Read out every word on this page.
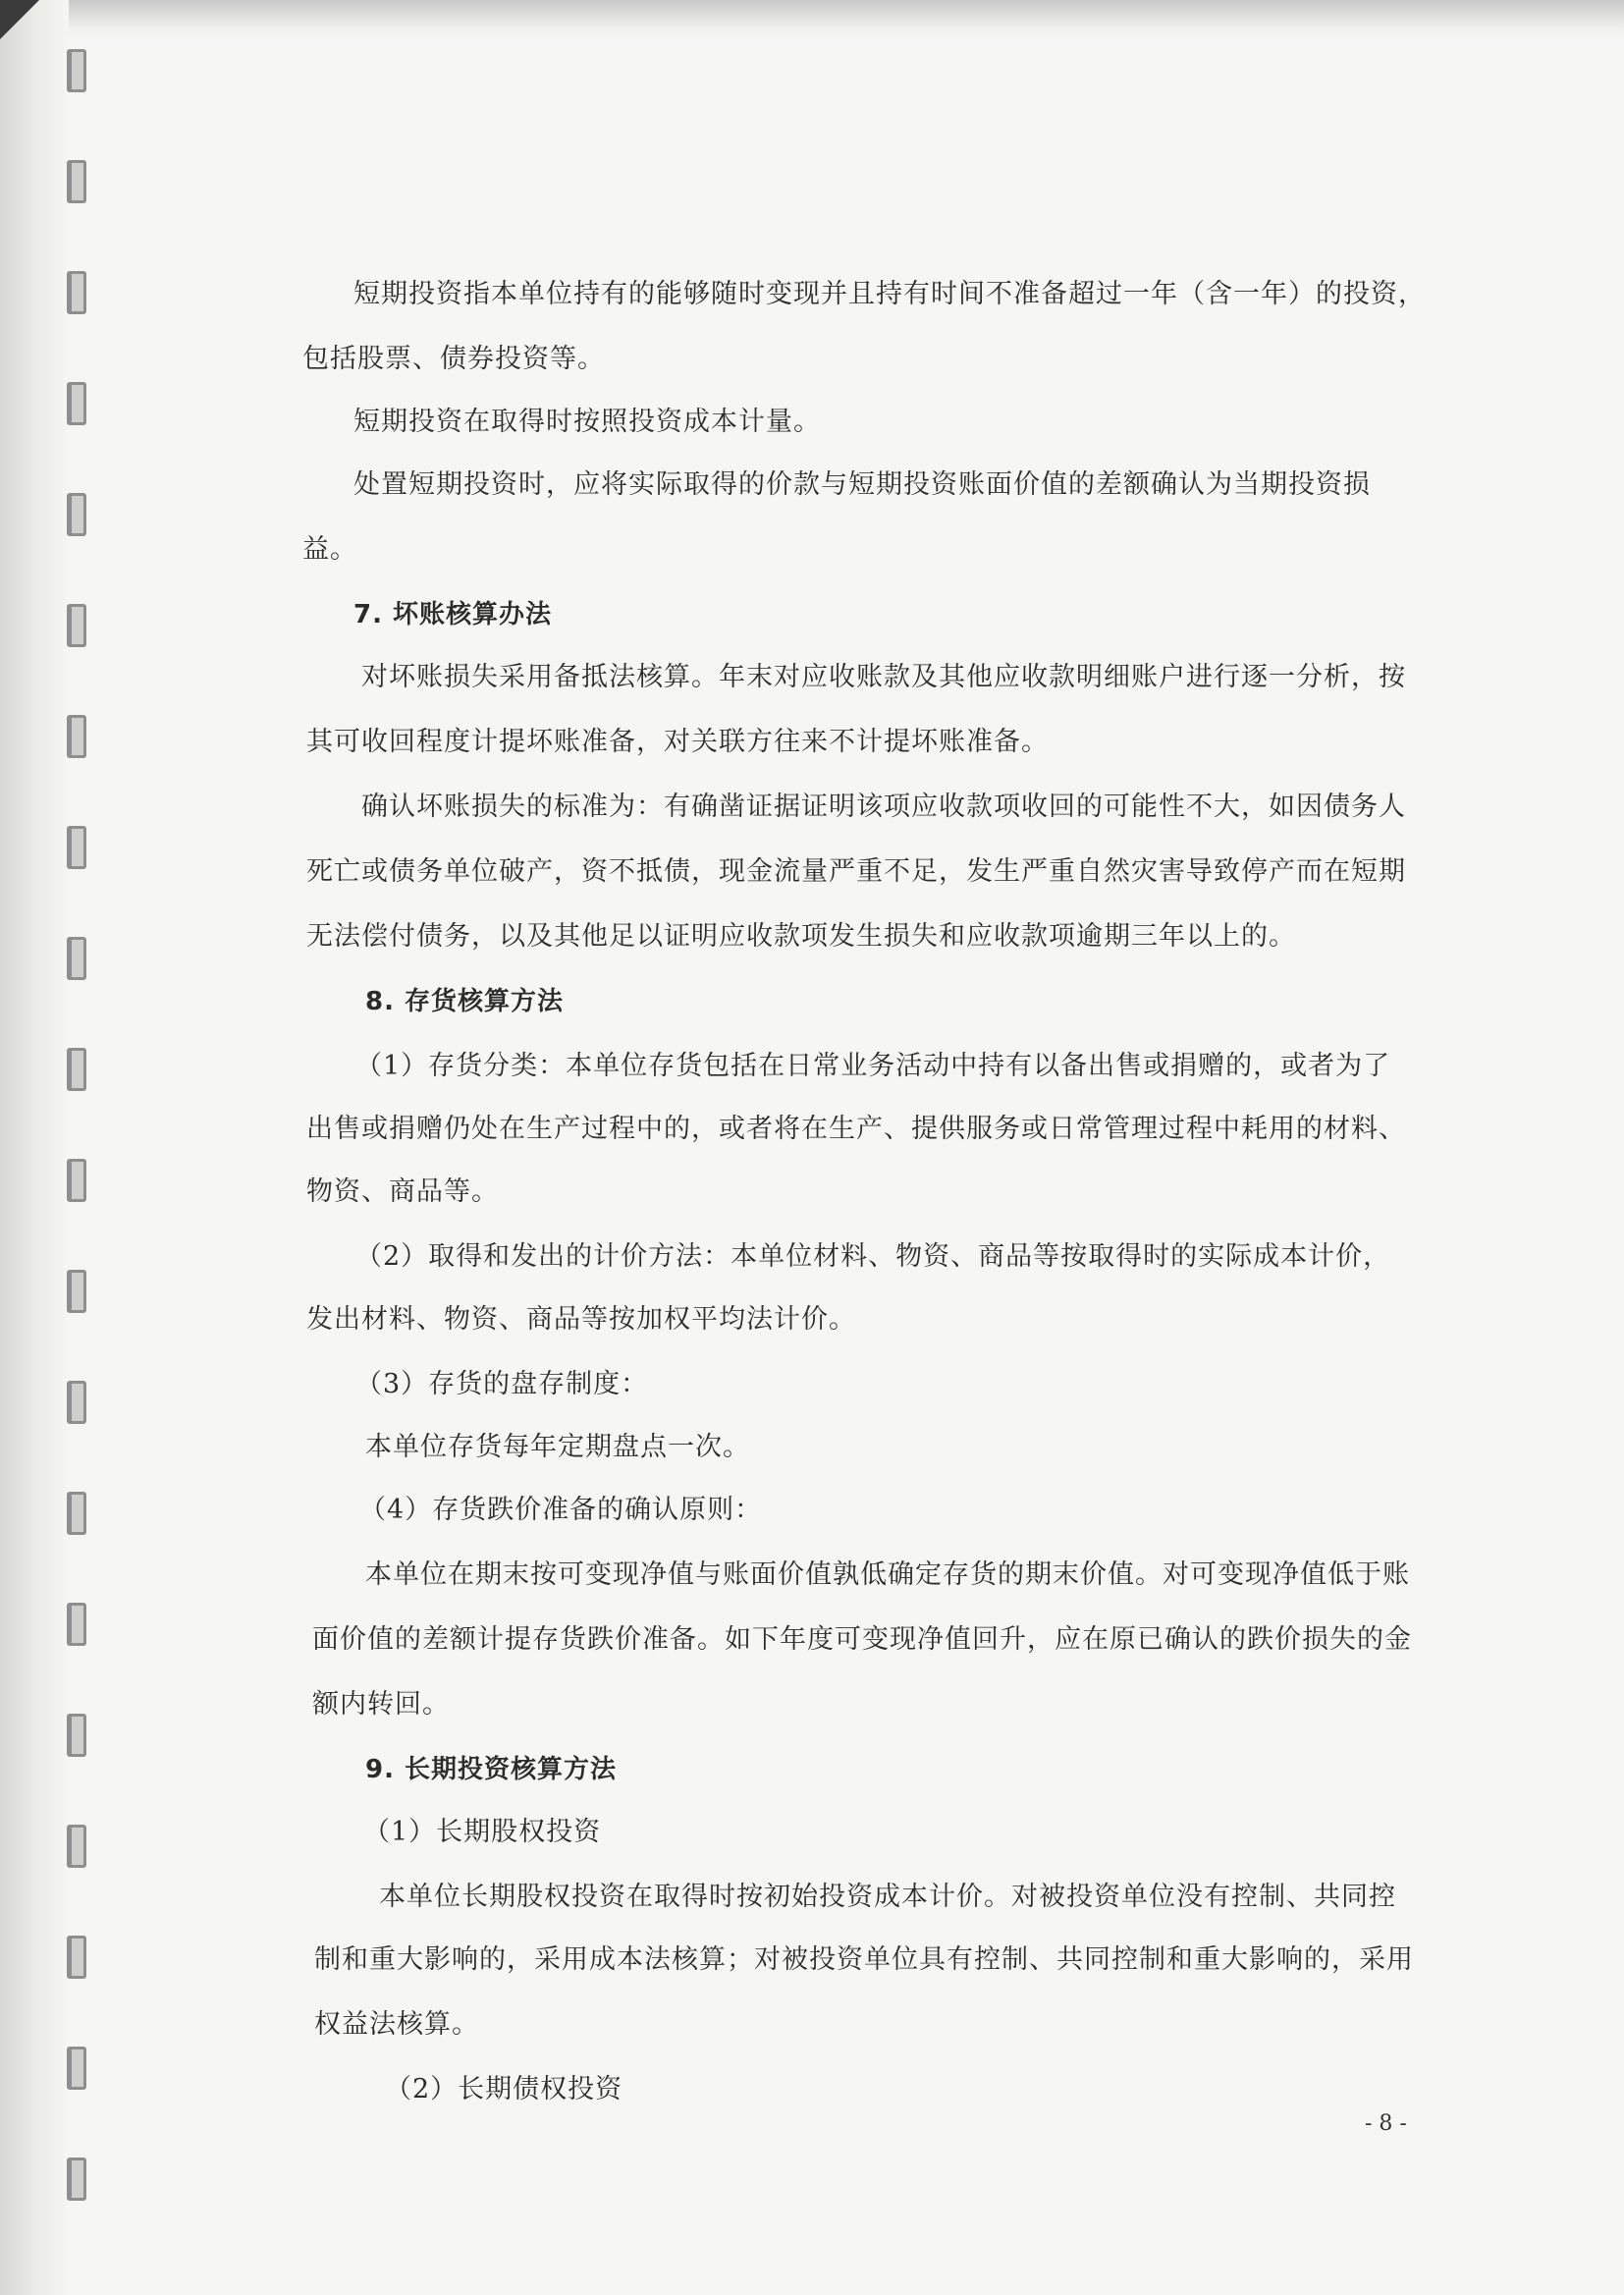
短期投资指本单位持有的能够随时变现并且持有时间不准备超过一年（含一年）的投资，
包括股票、债券投资等。
短期投资在取得时按照投资成本计量。
处置短期投资时，应将实际取得的价款与短期投资账面价值的差额确认为当期投资损
益。
7. 坏账核算办法
对坏账损失采用备抵法核算。年末对应收账款及其他应收款明细账户进行逐一分析，按
其可收回程度计提坏账准备，对关联方往来不计提坏账准备。
确认坏账损失的标准为：有确凿证据证明该项应收款项收回的可能性不大，如因债务人
死亡或债务单位破产，资不抵债，现金流量严重不足，发生严重自然灾害导致停产而在短期
无法偿付债务，以及其他足以证明应收款项发生损失和应收款项逾期三年以上的。
8. 存货核算方法
（1）存货分类：本单位存货包括在日常业务活动中持有以备出售或捐赠的，或者为了
出售或捐赠仍处在生产过程中的，或者将在生产、提供服务或日常管理过程中耗用的材料、
物资、商品等。
（2）取得和发出的计价方法：本单位材料、物资、商品等按取得时的实际成本计价，
发出材料、物资、商品等按加权平均法计价。
（3）存货的盘存制度：
本单位存货每年定期盘点一次。
（4）存货跌价准备的确认原则：
本单位在期末按可变现净值与账面价值孰低确定存货的期末价值。对可变现净值低于账
面价值的差额计提存货跌价准备。如下年度可变现净值回升，应在原已确认的跌价损失的金
额内转回。
9. 长期投资核算方法
（1）长期股权投资
本单位长期股权投资在取得时按初始投资成本计价。对被投资单位没有控制、共同控
制和重大影响的，采用成本法核算；对被投资单位具有控制、共同控制和重大影响的，采用
权益法核算。
（2）长期债权投资
- 8 -
